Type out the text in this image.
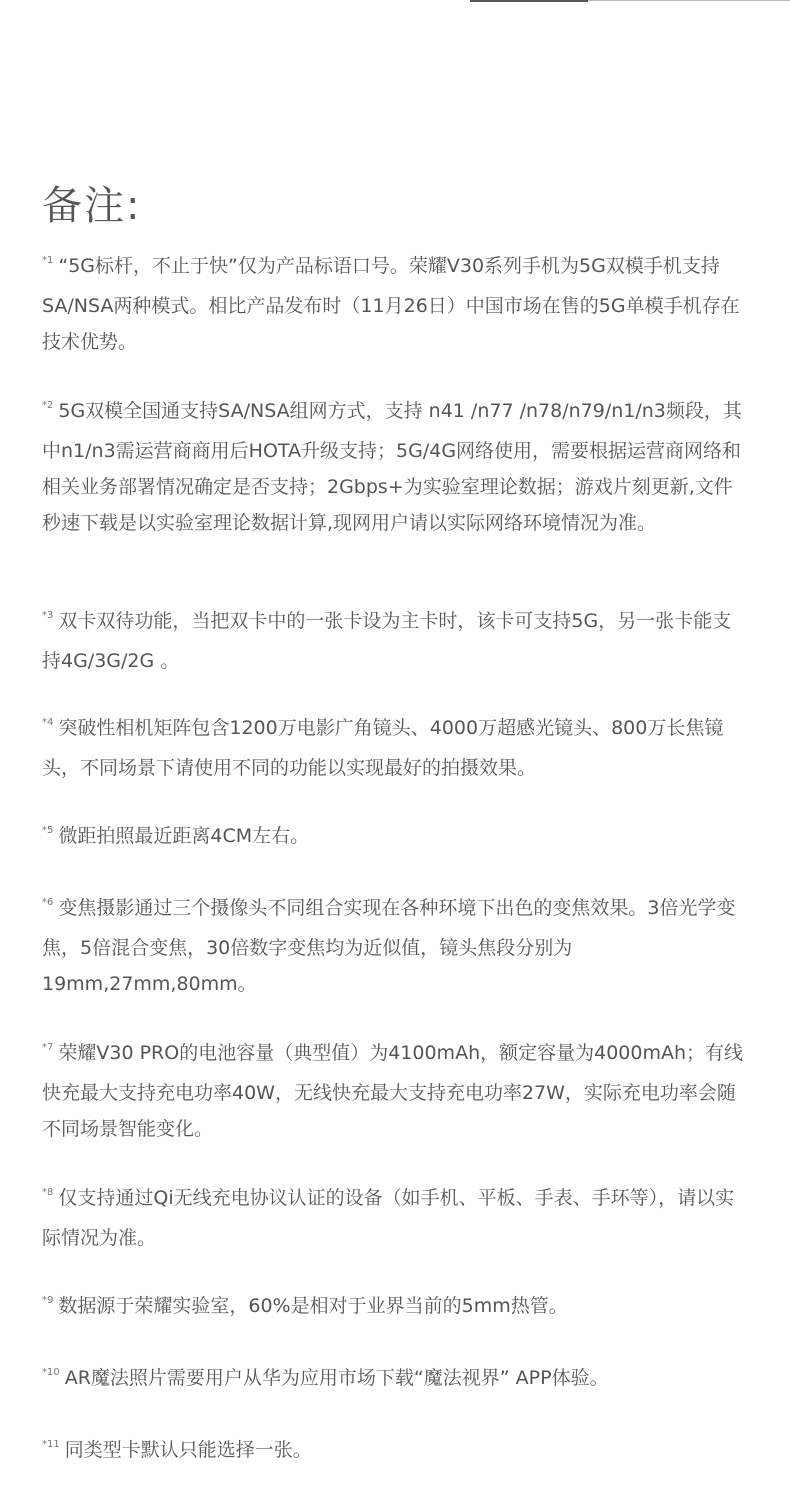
备注:
$^{*1}$ “5G标杆，不止于快”仅为产品标语口号。荣耀V30系列手机为5G双模手机支持SA/NSA两种模式。相比产品发布时（11月26日）中国市场在售的5G单模手机存在技术优势。
$^{*2}$ 5G双模全国通支持SA/NSA组网方式，支持 n41 /n77 /n78/n79/n1/n3频段，其中n1/n3需运营商商用后HOTA升级支持；5G/4G网络使用，需要根据运营商网络和相关业务部署情况确定是否支持；2Gbps+为实验室理论数据；游戏片刻更新,文件秒速下载是以实验室理论数据计算,现网用户请以实际网络环境情况为准。
$^{*3}$ 双卡双待功能，当把双卡中的一张卡设为主卡时，该卡可支持5G，另一张卡能支持4G/3G/2G 。
$^{*4}$ 突破性相机矩阵包含1200万电影广角镜头、4000万超感光镜头、800万长焦镜头，不同场景下请使用不同的功能以实现最好的拍摄效果。
$^{*5}$ 微距拍照最近距离4CM左右。
$^{*6}$ 变焦摄影通过三个摄像头不同组合实现在各种环境下出色的变焦效果。3倍光学变焦，5倍混合变焦，30倍数字变焦均为近似值，镜头焦段分别为19mm,27mm,80mm。
$^{*7}$ 荣耀V30 PRO的电池容量（典型值）为4100mAh，额定容量为4000mAh；有线快充最大支持充电功率40W，无线快充最大支持充电功率27W，实际充电功率会随不同场景智能变化。
$^{*8}$ 仅支持通过Qi无线充电协议认证的设备（如手机、平板、手表、手环等），请以实际情况为准。
$^{*9}$ 数据源于荣耀实验室，60%是相对于业界当前的5mm热管。
$^{*10}$ AR魔法照片需要用户从华为应用市场下载“魔法视界” APP体验。
$^{*11}$ 同类型卡默认只能选择一张。
